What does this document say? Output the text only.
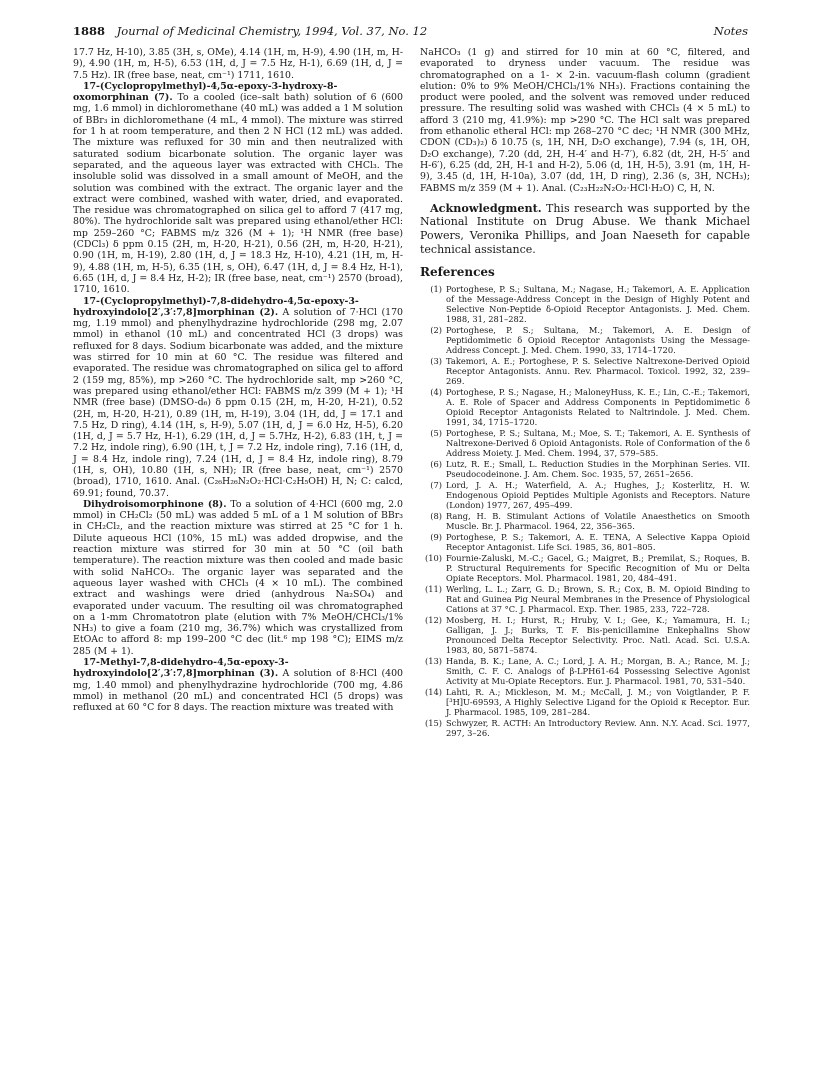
1888 Journal of Medicinal Chemistry, 1994, Vol. 37, No. 12	Notes

17.7 Hz, H-10), 3.85 (3H, s, OMe), 4.14 (1H, m, H-9), 4.90 (1H, m, H-9), 4.90 (1H, m, H-5), 6.53 (1H, d, J = 7.5 Hz, H-1), 6.69 (1H, d, J = 7.5 Hz). IR (free base, neat, cm⁻¹) 1711, 1610.

17-(Cyclopropylmethyl)-4,5α-epoxy-3-hydroxy-8-oxomorphinan (7). To a cooled (ice–salt bath) solution of 6 (600 mg, 1.6 mmol) in dichloromethane (40 mL) was added a 1 M solution of BBr₃ in dichloromethane (4 mL, 4 mmol). The mixture was stirred for 1 h at room temperature, and then 2 N HCl (12 mL) was added. The mixture was refluxed for 30 min and then neutralized with saturated sodium bicarbonate solution. The organic layer was separated, and the aqueous layer was extracted with CHCl₃. The insoluble solid was dissolved in a small amount of MeOH, and the solution was combined with the extract. The organic layer and the extract were combined, washed with water, dried, and evaporated. The residue was chromatographed on silica gel to afford 7 (417 mg, 80%). The hydrochloride salt was prepared using ethanol/ether HCl: mp 259–260 °C; FABMS m/z 326 (M + 1); ¹H NMR (free base) (CDCl₃) δ ppm 0.15 (2H, m, H-20, H-21), 0.56 (2H, m, H-20, H-21), 0.90 (1H, m, H-19), 2.80 (1H, d, J = 18.3 Hz, H-10), 4.21 (1H, m, H-9), 4.88 (1H, m, H-5), 6.35 (1H, s, OH), 6.47 (1H, d, J = 8.4 Hz, H-1), 6.65 (1H, d, J = 8.4 Hz, H-2); IR (free base, neat, cm⁻¹) 2570 (broad), 1710, 1610.

17-(Cyclopropylmethyl)-7,8-didehydro-4,5α-epoxy-3-hydroxyindolo[2′,3′:7,8]morphinan (2). A solution of 7·HCl (170 mg, 1.19 mmol) and phenylhydrazine hydrochloride (298 mg, 2.07 mmol) in ethanol (10 mL) and concentrated HCl (3 drops) was refluxed for 8 days. Sodium bicarbonate was added, and the mixture was stirred for 10 min at 60 °C. The residue was filtered and evaporated. The residue was chromatographed on silica gel to afford 2 (159 mg, 85%), mp >260 °C. The hydrochloride salt, mp >260 °C, was prepared using ethanol/ether HCl: FABMS m/z 399 (M + 1); ¹H NMR (free base) (DMSO-d₆) δ ppm 0.15 (2H, m, H-20, H-21), 0.52 (2H, m, H-20, H-21), 0.89 (1H, m, H-19), 3.04 (1H, dd, J = 17.1 and 7.5 Hz, D ring), 4.14 (1H, s, H-9), 5.07 (1H, d, J = 6.0 Hz, H-5), 6.20 (1H, d, J = 5.7 Hz, H-1), 6.29 (1H, d, J = 5.7Hz, H-2), 6.83 (1H, t, J = 7.2 Hz, indole ring), 6.90 (1H, t, J = 7.2 Hz, indole ring), 7.16 (1H, d, J = 8.4 Hz, indole ring), 7.24 (1H, d, J = 8.4 Hz, indole ring), 8.79 (1H, s, OH), 10.80 (1H, s, NH); IR (free base, neat, cm⁻¹) 2570 (broad), 1710, 1610. Anal. (C₂₆H₂₆N₂O₂·HCl·C₂H₅OH) H, N; C: calcd, 69.91; found, 70.37.

Dihydroisomorphinone (8). To a solution of 4·HCl (600 mg, 2.0 mmol) in CH₂Cl₂ (50 mL) was added 5 mL of a 1 M solution of BBr₃ in CH₂Cl₂, and the reaction mixture was stirred at 25 °C for 1 h. Dilute aqueous HCl (10%, 15 mL) was added dropwise, and the reaction mixture was stirred for 30 min at 50 °C (oil bath temperature). The reaction mixture was then cooled and made basic with solid NaHCO₃. The organic layer was separated and the aqueous layer washed with CHCl₃ (4 × 10 mL). The combined extract and washings were dried (anhydrous Na₂SO₄) and evaporated under vacuum. The resulting oil was chromatographed on a 1-mm Chromatotron plate (elution with 7% MeOH/CHCl₃/1% NH₃) to give a foam (210 mg, 36.7%) which was crystallized from EtOAc to afford 8: mp 199–200 °C dec (lit.⁶ mp 198 °C); EIMS m/z 285 (M + 1).

17-Methyl-7,8-didehydro-4,5α-epoxy-3-hydroxyindolo[2′,3′:7,8]morphinan (3). A solution of 8·HCl (400 mg, 1.40 mmol) and phenylhydrazine hydrochloride (700 mg, 4.86 mmol) in methanol (20 mL) and concentrated HCl (5 drops) was refluxed at 60 °C for 8 days. The reaction mixture was treated with

NaHCO₃ (1 g) and stirred for 10 min at 60 °C, filtered, and evaporated to dryness under vacuum. The residue was chromatographed on a 1- × 2-in. vacuum-flash column (gradient elution: 0% to 9% MeOH/CHCl₃/1% NH₃). Fractions containing the product were pooled, and the solvent was removed under reduced pressure. The resulting solid was washed with CHCl₃ (4 × 5 mL) to afford 3 (210 mg, 41.9%): mp >290 °C. The HCl salt was prepared from ethanolic etheral HCl: mp 268–270 °C dec; ¹H NMR (300 MHz, CDON (CD₃)₂) δ 10.75 (s, 1H, NH, D₂O exchange), 7.94 (s, 1H, OH, D₂O exchange), 7.20 (dd, 2H, H-4′ and H-7′), 6.82 (dt, 2H, H-5′ and H-6′), 6.25 (dd, 2H, H-1 and H-2), 5.06 (d, 1H, H-5), 3.91 (m, 1H, H-9), 3.45 (d, 1H, H-10a), 3.07 (dd, 1H, D ring), 2.36 (s, 3H, NCH₃); FABMS m/z 359 (M + 1). Anal. (C₂₃H₂₂N₂O₂·HCl·H₂O) C, H, N.

Acknowledgment. This research was supported by the National Institute on Drug Abuse. We thank Michael Powers, Veronika Phillips, and Joan Naeseth for capable technical assistance.

References
(1) Portoghese, P. S.; Sultana, M.; Nagase, H.; Takemori, A. E. Application of the Message-Address Concept in the Design of Highly Potent and Selective Non-Peptide δ-Opioid Receptor Antagonists. J. Med. Chem. 1988, 31, 281–282.
(2) Portoghese, P. S.; Sultana, M.; Takemori, A. E. Design of Peptidomimetic δ Opioid Receptor Antagonists Using the Message-Address Concept. J. Med. Chem. 1990, 33, 1714–1720.
(3) Takemori, A. E.; Portoghese, P. S. Selective Naltrexone-Derived Opioid Receptor Antagonists. Annu. Rev. Pharmacol. Toxicol. 1992, 32, 239–269.
(4) Portoghese, P. S.; Nagase, H.; MaloneyHuss, K. E.; Lin, C.-E.; Takemori, A. E. Role of Spacer and Address Components in Peptidomimetic δ Opioid Receptor Antagonists Related to Naltrindole. J. Med. Chem. 1991, 34, 1715–1720.
(5) Portoghese, P. S.; Sultana, M.; Moe, S. T.; Takemori, A. E. Synthesis of Naltrexone-Derived δ Opioid Antagonists. Role of Conformation of the δ Address Moiety. J. Med. Chem. 1994, 37, 579–585.
(6) Lutz, R. E.; Small, L. Reduction Studies in the Morphinan Series. VII. Pseudocodeinone. J. Am. Chem. Soc. 1935, 57, 2651–2656.
(7) Lord, J. A. H.; Waterfield, A. A.; Hughes, J.; Kosterlitz, H. W. Endogenous Opioid Peptides Multiple Agonists and Receptors. Nature (London) 1977, 267, 495–499.
(8) Rang, H. B. Stimulant Actions of Volatile Anaesthetics on Smooth Muscle. Br. J. Pharmacol. 1964, 22, 356–365.
(9) Portoghese, P. S.; Takemori, A. E. TENA, A Selective Kappa Opioid Receptor Antagonist. Life Sci. 1985, 36, 801–805.
(10) Fournie-Zaluski, M.-C.; Gacel, G.; Maigret, B.; Premilat, S.; Roques, B. P. Structural Requirements for Specific Recognition of Mu or Delta Opiate Receptors. Mol. Pharmacol. 1981, 20, 484–491.
(11) Werling, L. L.; Zarr, G. D.; Brown, S. R.; Cox, B. M. Opioid Binding to Rat and Guinea Pig Neural Membranes in the Presence of Physiological Cations at 37 °C. J. Pharmacol. Exp. Ther. 1985, 233, 722–728.
(12) Mosberg, H. I.; Hurst, R.; Hruby, V. I.; Gee, K.; Yamamura, H. I.; Galligan, J. J.; Burks, T. F. Bis-penicillamine Enkephalins Show Pronounced Delta Receptor Selectivity. Proc. Natl. Acad. Sci. U.S.A. 1983, 80, 5871–5874.
(13) Handa, B. K.; Lane, A. C.; Lord, J. A. H.; Morgan, B. A.; Rance, M. J.; Smith, C. F. C. Analogs of β-LPH61-64 Possessing Selective Agonist Activity at Mu-Opiate Receptors. Eur. J. Pharmacol. 1981, 70, 531–540.
(14) Lahti, R. A.; Mickleson, M. M.; McCall, J. M.; von Voigtlander, P. F. [³H]U-69593, A Highly Selective Ligand for the Opioid κ Receptor. Eur. J. Pharmacol. 1985, 109, 281–284.
(15) Schwyzer, R. ACTH: An Introductory Review. Ann. N.Y. Acad. Sci. 1977, 297, 3–26.
